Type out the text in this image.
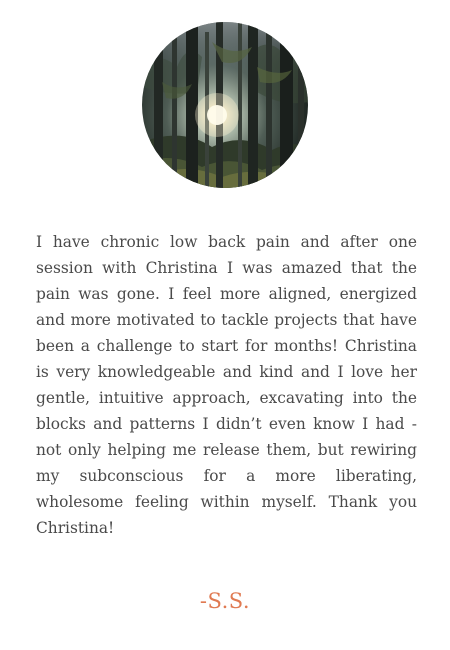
I have chronic low back pain and after one session with Christina I was amazed that the pain was gone. I feel more aligned, energized and more motivated to tackle projects that have been a challenge to start for months! Christina is very knowledgeable and kind and I love her gentle, intuitive approach, excavating into the blocks and patterns I didn’t even know I had - not only helping me release them, but rewiring my subconscious for a more liberating, wholesome feeling within myself. Thank you Christina!

-S.S.
